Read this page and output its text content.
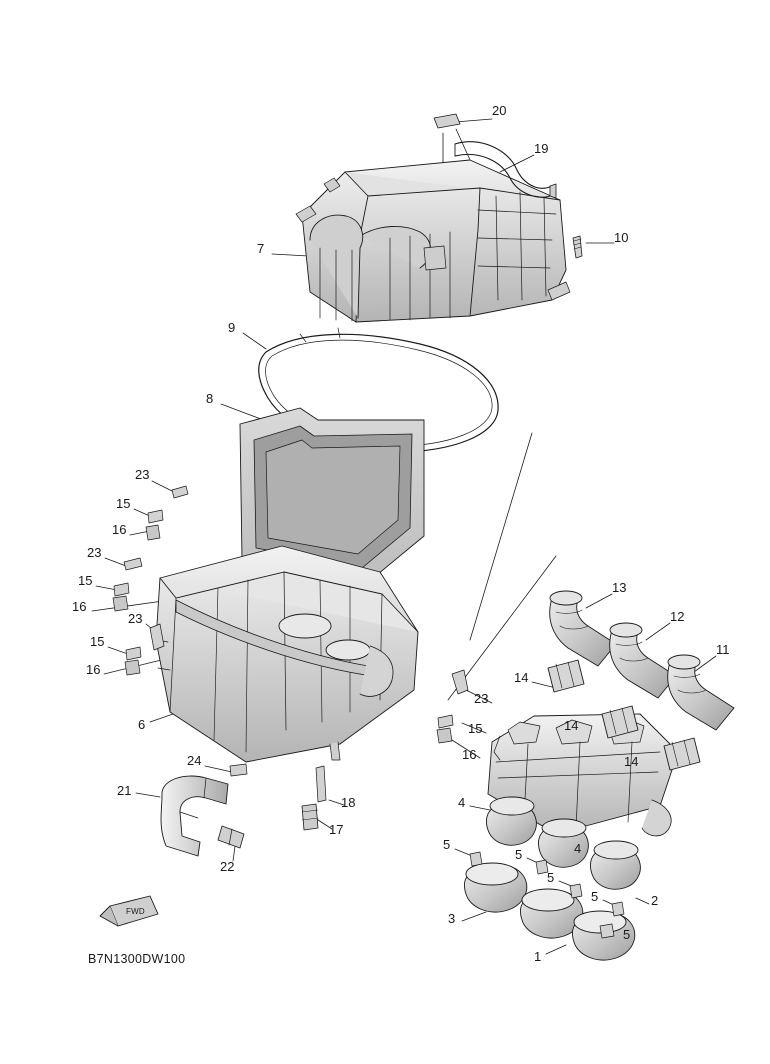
20
19
10
7
9
8
23
15
16
23
15
16
23
15
16
6
24
21
22
18
17
23
15
16
13
12
11
14
14
14
4
4
5
5
5
5
5
3
2
1
FWD
B7N1300DW100
